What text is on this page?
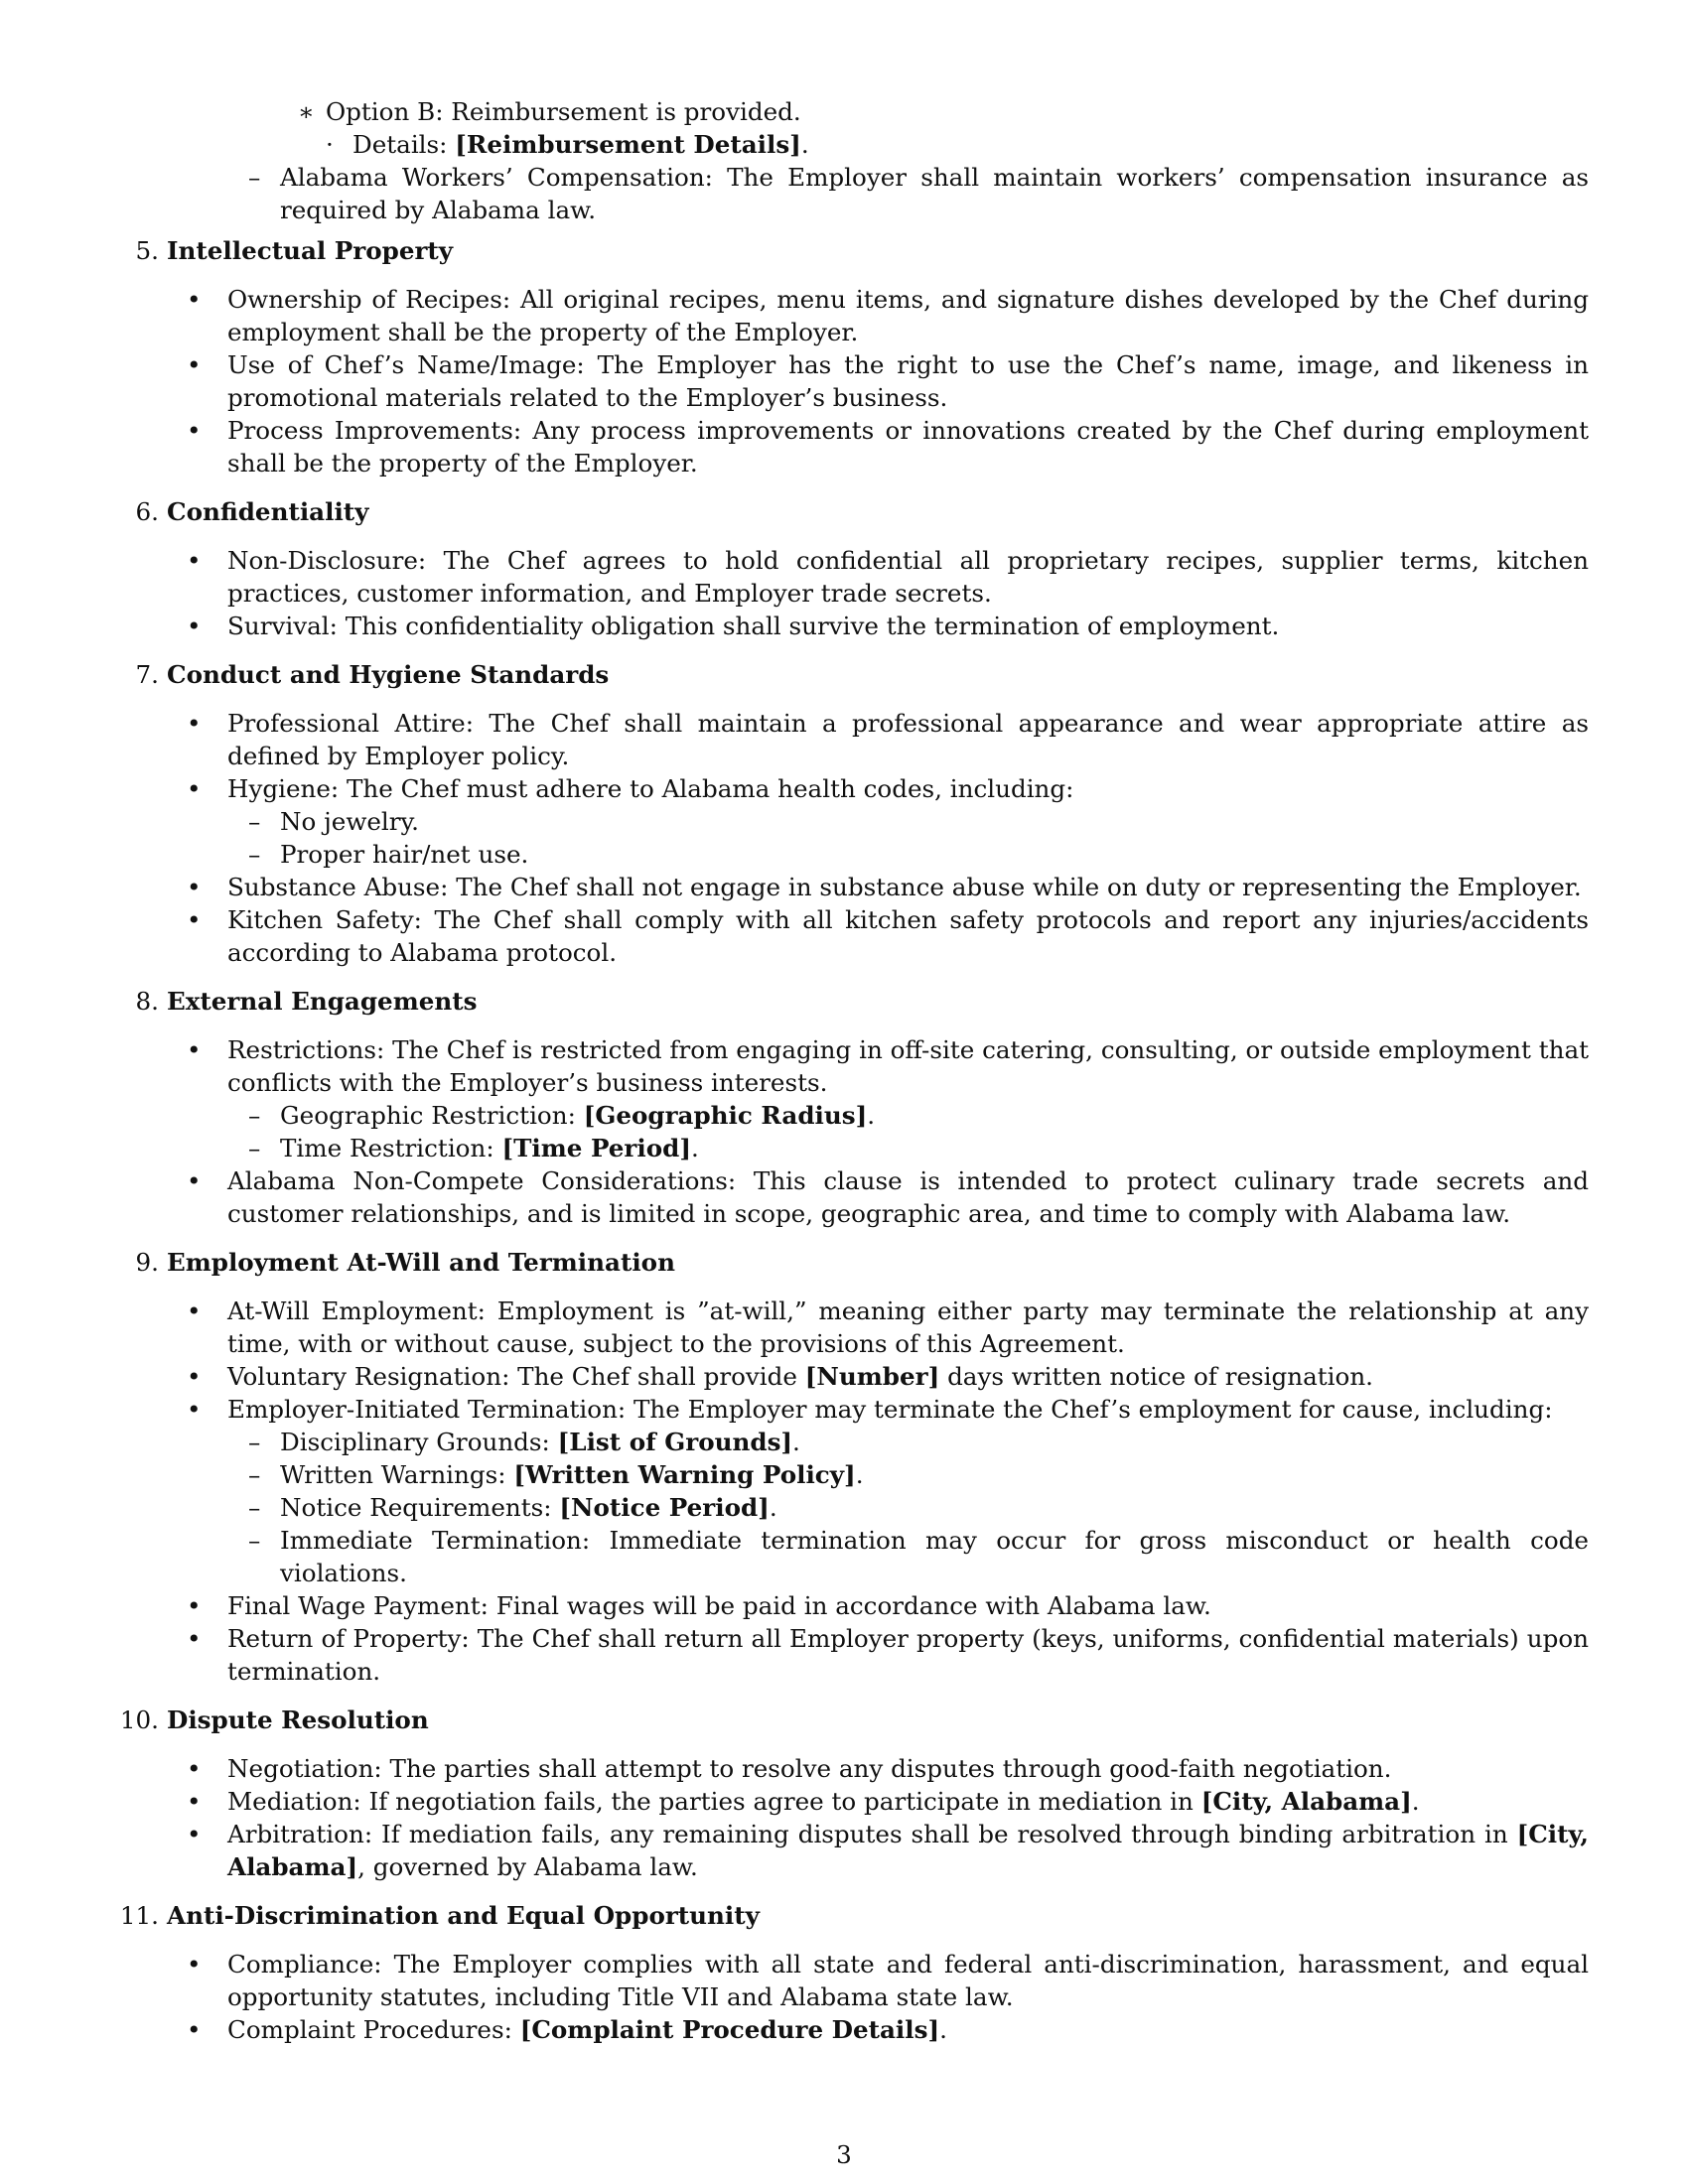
∗ Option B: Reimbursement is provided.
· Details: [Reimbursement Details].
– Alabama Workers’ Compensation: The Employer shall maintain workers’ compensation insurance as required by Alabama law.
5. Intellectual Property
• Ownership of Recipes: All original recipes, menu items, and signature dishes developed by the Chef during employment shall be the property of the Employer.
• Use of Chef’s Name/Image: The Employer has the right to use the Chef’s name, image, and likeness in promotional materials related to the Employer’s business.
• Process Improvements: Any process improvements or innovations created by the Chef during employment shall be the property of the Employer.
6. Confidentiality
• Non-Disclosure: The Chef agrees to hold confidential all proprietary recipes, supplier terms, kitchen practices, customer information, and Employer trade secrets.
• Survival: This confidentiality obligation shall survive the termination of employment.
7. Conduct and Hygiene Standards
• Professional Attire: The Chef shall maintain a professional appearance and wear appropriate attire as defined by Employer policy.
• Hygiene: The Chef must adhere to Alabama health codes, including:
– No jewelry.
– Proper hair/net use.
• Substance Abuse: The Chef shall not engage in substance abuse while on duty or representing the Employer.
• Kitchen Safety: The Chef shall comply with all kitchen safety protocols and report any injuries/accidents according to Alabama protocol.
8. External Engagements
• Restrictions: The Chef is restricted from engaging in off-site catering, consulting, or outside employment that conflicts with the Employer’s business interests.
– Geographic Restriction: [Geographic Radius].
– Time Restriction: [Time Period].
• Alabama Non-Compete Considerations: This clause is intended to protect culinary trade secrets and customer relationships, and is limited in scope, geographic area, and time to comply with Alabama law.
9. Employment At-Will and Termination
• At-Will Employment: Employment is ”at-will,” meaning either party may terminate the relationship at any time, with or without cause, subject to the provisions of this Agreement.
• Voluntary Resignation: The Chef shall provide [Number] days written notice of resignation.
• Employer-Initiated Termination: The Employer may terminate the Chef’s employment for cause, including:
– Disciplinary Grounds: [List of Grounds].
– Written Warnings: [Written Warning Policy].
– Notice Requirements: [Notice Period].
– Immediate Termination: Immediate termination may occur for gross misconduct or health code violations.
• Final Wage Payment: Final wages will be paid in accordance with Alabama law.
• Return of Property: The Chef shall return all Employer property (keys, uniforms, confidential materials) upon termination.
10. Dispute Resolution
• Negotiation: The parties shall attempt to resolve any disputes through good-faith negotiation.
• Mediation: If negotiation fails, the parties agree to participate in mediation in [City, Alabama].
• Arbitration: If mediation fails, any remaining disputes shall be resolved through binding arbitration in [City, Alabama], governed by Alabama law.
11. Anti-Discrimination and Equal Opportunity
• Compliance: The Employer complies with all state and federal anti-discrimination, harassment, and equal opportunity statutes, including Title VII and Alabama state law.
• Complaint Procedures: [Complaint Procedure Details].
3
